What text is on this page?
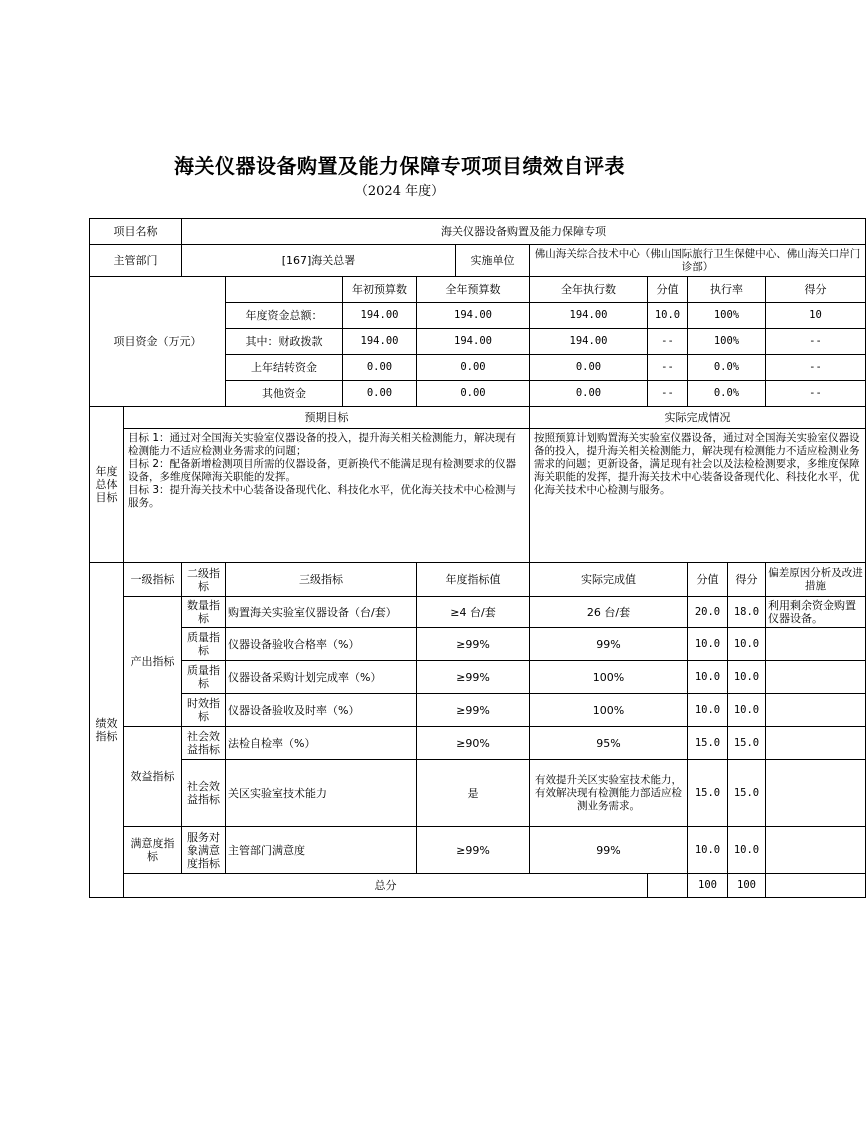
海关仪器设备购置及能力保障专项项目绩效自评表
（2024 年度）
项目名称		海关仪器设备购置及能力保障专项									
主管部门		[167]海关总署				实施单位	佛山海关综合技术中心（佛山国际旅行卫生保健中心、佛山海关口岸门诊部）				
项目资金（万元）				年初预算数	全年预算数		全年执行数	分值	执行率		得分
			年度资金总额：	194.00	194.00		194.00	10.0	100%		10
			其中：财政拨款	194.00	194.00		194.00	--	100%		--
			上年结转资金	0.00	0.00		0.00	--	0.0%		--
			其他资金	0.00	0.00		0.00	--	0.0%		--
年度总体目标	预期目标						实际完成情况				

	目标 1：通过对全国海关实验室仪器设备的投入，提升海关相关检测能力，解决现有检测能力不适应检测业务需求的问题；
目标 2：配备新增检测项目所需的仪器设备，更新换代不能满足现有检测要求的仪器设备，多维度保障海关职能的发挥。
目标 3：提升海关技术中心装备设备现代化、科技化水平，优化海关技术中心检测与服务。						按照预算计划购置海关实验室仪器设备，通过对全国海关实验室仪器设备的投入，提升海关相关检测能力，解决现有检测能力不适应检测业务需求的问题；更新设备，满足现有社会以及法检检测要求，多维度保障海关职能的发挥，提升海关技术中心装备设备现代化、科技化水平，优化海关技术中心检测与服务。				
绩效指标	一级指标	二级指标	三级指标		年度指标值		实际完成值		分值	得分	偏差原因分析及改进措施
	产出指标	数量指标	购置海关实验室仪器设备（台/套）		≥4 台/套		26 台/套		20.0	18.0	利用剩余资金购置仪器设备。
		质量指标	仪器设备验收合格率（%）		≥99%		99%		10.0	10.0	
		质量指标	仪器设备采购计划完成率（%）		≥99%		100%		10.0	10.0	
		时效指标	仪器设备验收及时率（%）		≥99%		100%		10.0	10.0	
	效益指标	社会效益指标	法检自检率（%）		≥90%		95%		15.0	15.0	
		社会效益指标	关区实验室技术能力		是		有效提升关区实验室技术能力，有效解决现有检测能力部适应检测业务需求。		15.0	15.0	
	满意度指标	服务对象满意度指标	主管部门满意度		≥99%		99%		10.0	10.0	
	总分								100	100	
